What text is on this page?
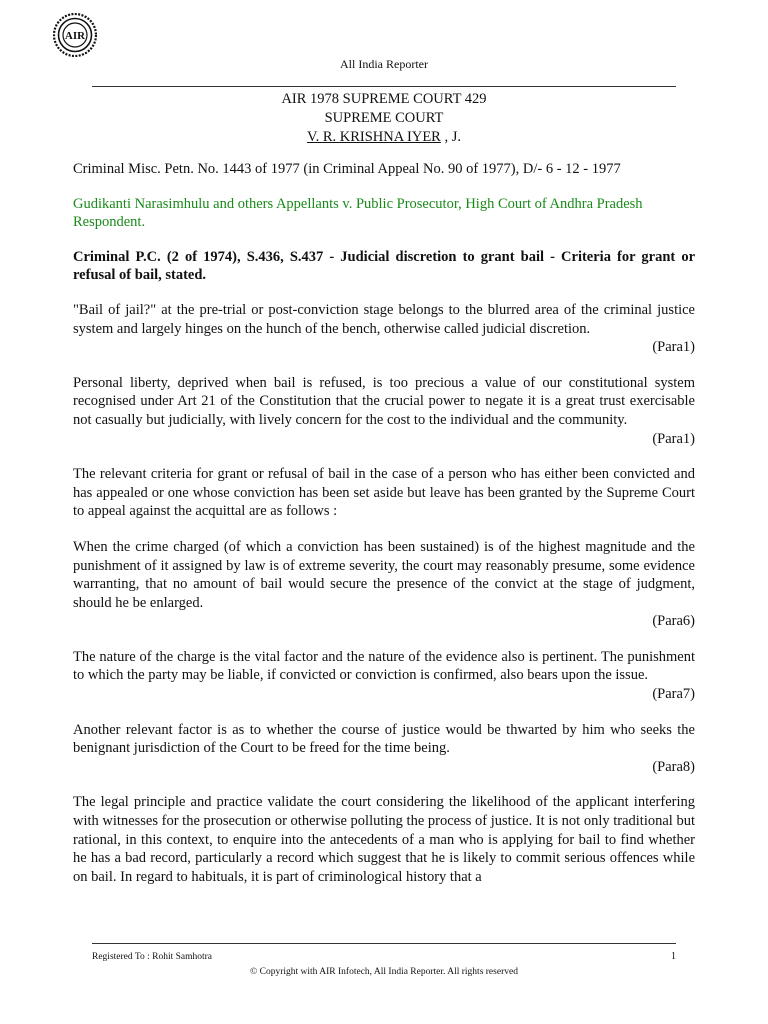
AIR
All India Reporter
AIR 1978 SUPREME COURT 429
SUPREME COURT
V. R. KRISHNA IYER , J.

Criminal Misc. Petn. No. 1443 of 1977 (in Criminal Appeal No. 90 of 1977), D/- 6 - 12 - 1977

Gudikanti Narasimhulu and others Appellants v. Public Prosecutor, High Court of Andhra Pradesh Respondent.

Criminal P.C. (2 of 1974), S.436, S.437 - Judicial discretion to grant bail - Criteria for grant or refusal of bail, stated.

"Bail of jail?" at the pre-trial or post-conviction stage belongs to the blurred area of the criminal justice system and largely hinges on the hunch of the bench, otherwise called judicial discretion.

(Para1)

Personal liberty, deprived when bail is refused, is too precious a value of our constitutional system recognised under Art 21 of the Constitution that the crucial power to negate it is a great trust exercisable not casually but judicially, with lively concern for the cost to the individual and the community.

(Para1)

The relevant criteria for grant or refusal of bail in the case of a person who has either been convicted and has appealed or one whose conviction has been set aside but leave has been granted by the Supreme Court to appeal against the acquittal are as follows :

When the crime charged (of which a conviction has been sustained) is of the highest magnitude and the punishment of it assigned by law is of extreme severity, the court may reasonably presume, some evidence warranting, that no amount of bail would secure the presence of the convict at the stage of judgment, should he be enlarged.

(Para6)

The nature of the charge is the vital factor and the nature of the evidence also is pertinent. The punishment to which the party may be liable, if convicted or conviction is confirmed, also bears upon the issue.

(Para7)

Another relevant factor is as to whether the course of justice would be thwarted by him who seeks the benignant jurisdiction of the Court to be freed for the time being.

(Para8)

The legal principle and practice validate the court considering the likelihood of the applicant interfering with witnesses for the prosecution or otherwise polluting the process of justice. It is not only traditional but rational, in this context, to enquire into the antecedents of a man who is applying for bail to find whether he has a bad record, particularly a record which suggest that he is likely to commit serious offences while on bail. In regard to habituals, it is part of criminological history that a

Registered To : Rohit Samhotra	1
© Copyright with AIR Infotech, All India Reporter. All rights reserved
